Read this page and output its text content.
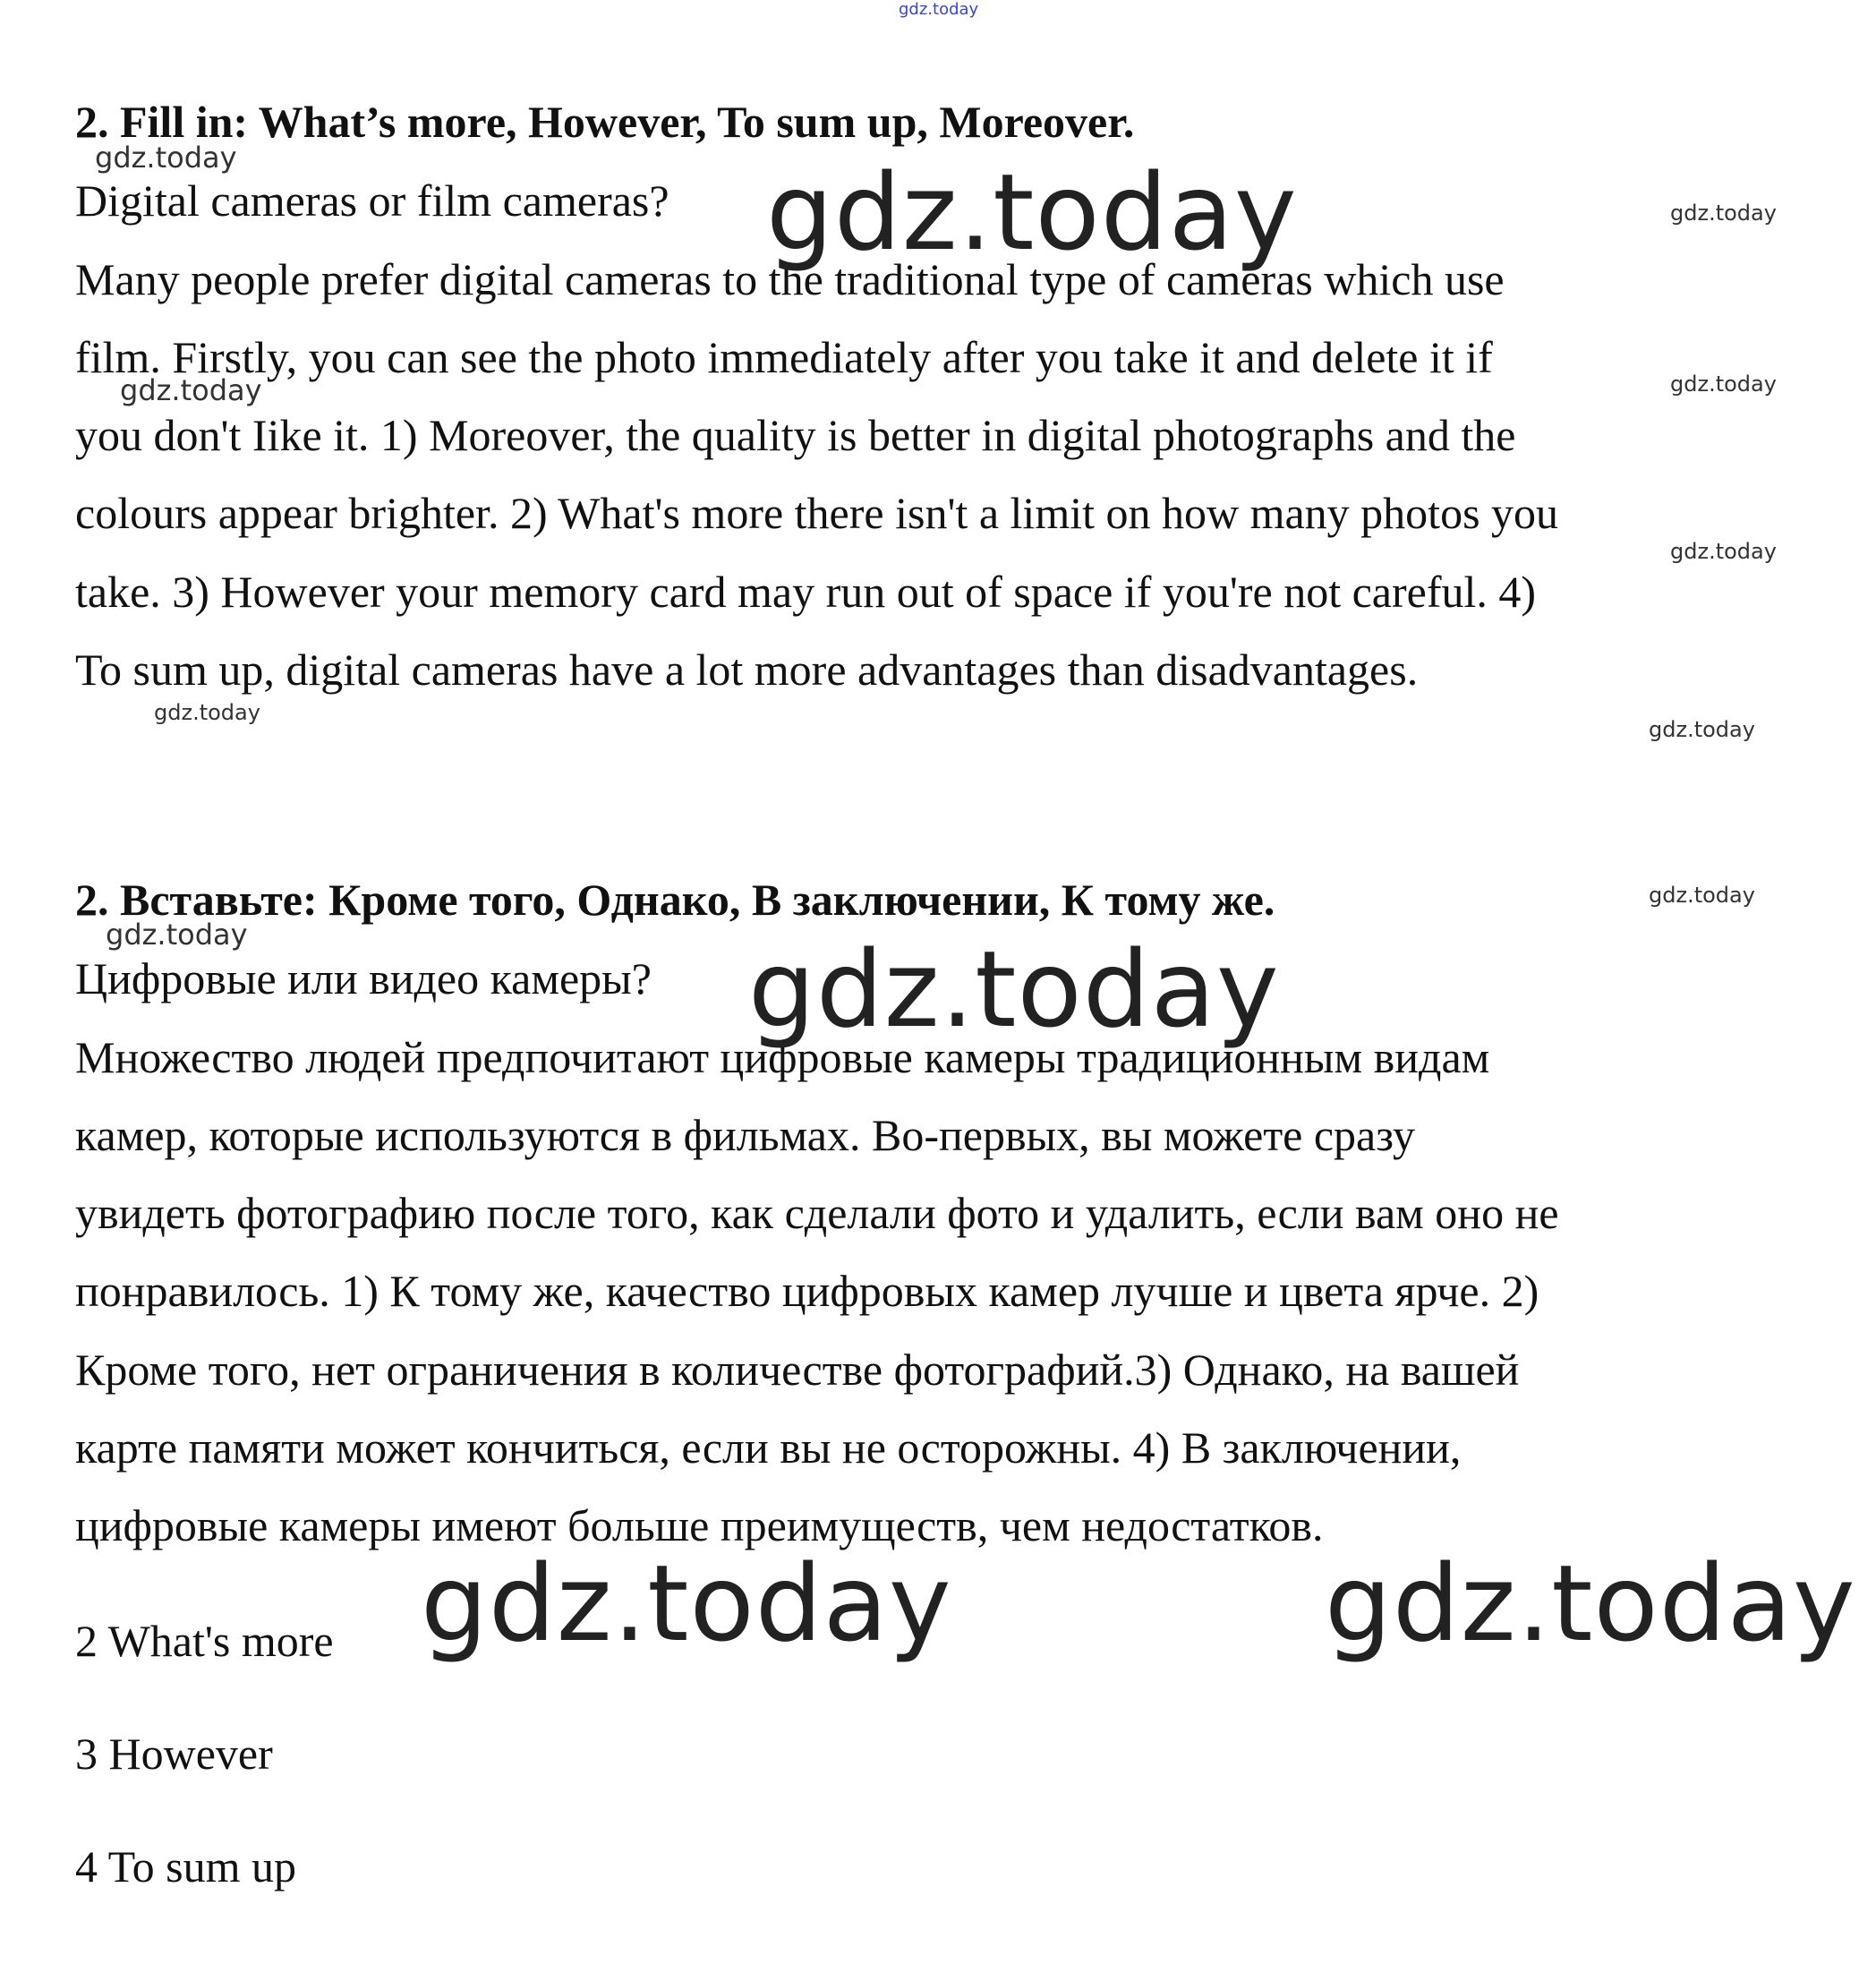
gdz.today

2. Fill in: What’s more, However, To sum up, Moreover.

Digital cameras or film cameras?

Many people prefer digital cameras to the traditional type of cameras which use

film. Firstly, you can see the photo immediately after you take it and delete it if

you don't Iike it. 1) Moreover, the quality is better in digital photographs and the

colours appear brighter. 2) What's more there isn't a limit on how many photos you

take. 3) However your memory card may run out of space if you're not careful. 4)

To sum up, digital cameras have a lot more advantages than disadvantages.

2. Вставьте: Кроме того, Однако, В заключении, К тому же.

Цифровые или видео камеры?

Множество людей предпочитают цифровые камеры традиционным видам

камер, которые используются в фильмах. Во-первых, вы можете сразу

увидеть фотографию после того, как сделали фото и удалить, если вам оно не

понравилось. 1) К тому же, качество цифровых камер лучше и цвета ярче. 2)

Кроме того, нет ограничения в количестве фотографий.3) Однако, на вашей

карте памяти может кончиться, если вы не осторожны. 4) В заключении,

цифровые камеры имеют больше преимуществ, чем недостатков.

2 What's more

3 However

4 To sum up

gdz.today	gdz.today	gdz.today
gdz.today	gdz.today
gdz.today
gdz.today
gdz.today
gdz.today
gdz.today	gdz.today
gdz.today	gdz.today
